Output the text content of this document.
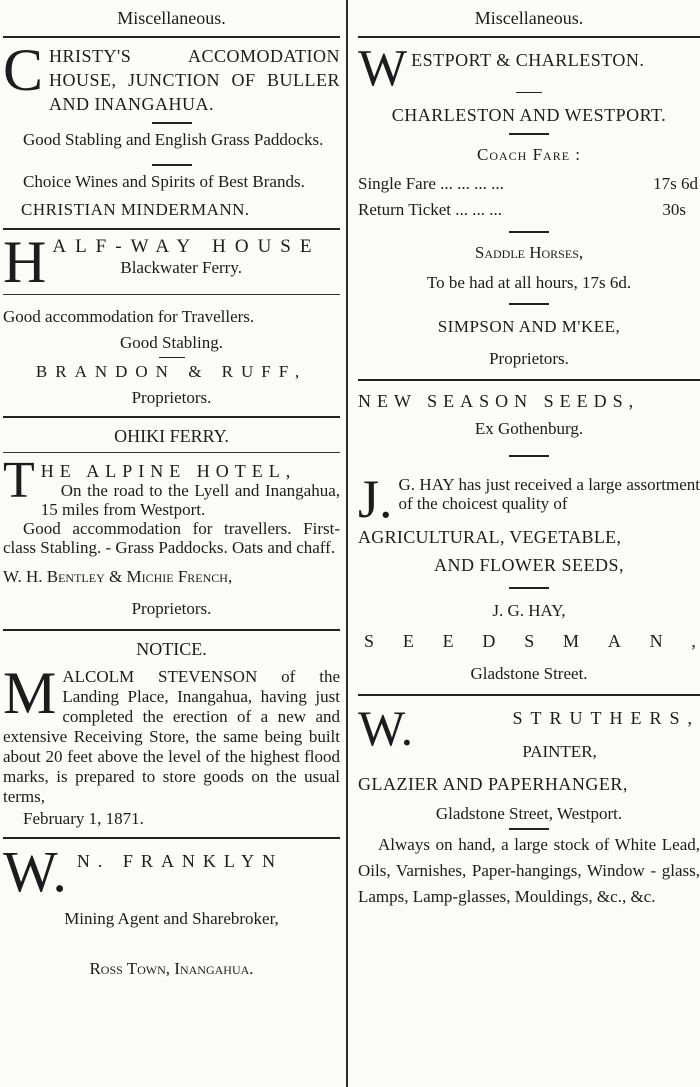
Miscellaneous.
C HRISTY'S ACCOMODATION HOUSE, JUNCTION OF BULLER AND INANGAHUA.

Good Stabling and English Grass Paddocks.

Choice Wines and Spirits of Best Brands.

CHRISTIAN MINDERMANN.

H ALF-WAY HOUSE

Blackwater Ferry.

Good accommodation for Travellers.

Good Stabling.

BRANDON & RUFF,

Proprietors.

OHIKI FERRY.

T HE ALPINE HOTEL,

On the road to the Lyell and Inangahua, 15 miles from Westport.

Good accommodation for travellers. First-class Stabling. - Grass Paddocks. Oats and chaff.

W. H. Bentley & Michie French,

Proprietors.

NOTICE.

M ALCOLM STEVENSON of the Landing Place, Inangahua, having just completed the erection of a new and extensive Receiving Store, the same being built about 20 feet above the level of the highest flood marks, is prepared to store goods on the usual terms,

February 1, 1871.

W. N. FRANKLYN

Mining Agent and Sharebroker,

Ross Town, Inangahua.

Miscellaneous.
W ESTPORT & CHARLESTON.

CHARLESTON AND WESTPORT.

Coach Fare :

Single Fare ... ... ... ...	17s 6d
Return Ticket ... ... ...	30s

Saddle Horses,

To be had at all hours, 17s 6d.

SIMPSON AND M'KEE,

Proprietors.

NEW SEASON SEEDS,

Ex Gothenburg.

J. G. HAY has just received a large assortment of the choicest quality of

AGRICULTURAL, VEGETABLE,

AND FLOWER SEEDS,

J. G. HAY,

S E E D S M A N ,

Gladstone Street.

W.	STRUTHERS,

PAINTER,

GLAZIER AND PAPERHANGER,

Gladstone Street, Westport.

Always on hand, a large stock of White Lead, Oils, Varnishes, Paper-hangings, Window - glass, Lamps, Lamp-glasses, Mouldings, &c., &c.
